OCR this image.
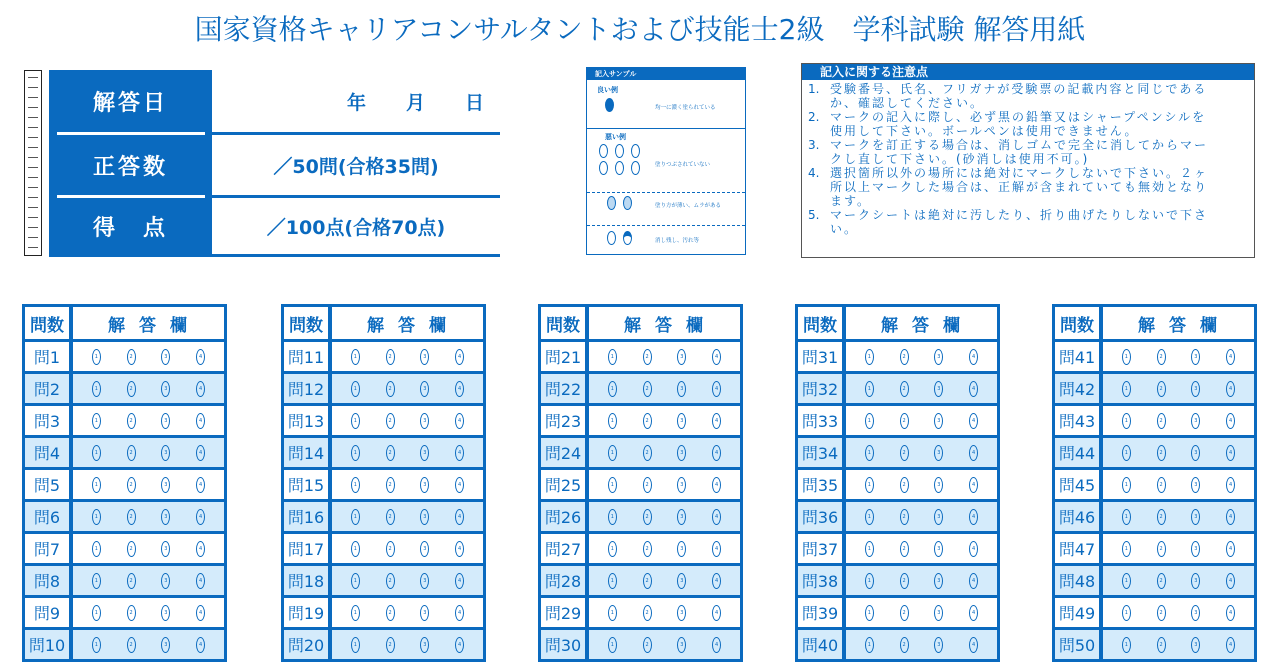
国家資格キャリアコンサルタントおよび技能士2級　学科試験 解答用紙
解答日	年 月 日
正答数	／50問(合格35問)
得　点	／100点(合格70点)
記入サンプル
良い例
均一に濃く塗られている
悪い例
塗りつぶされていない
塗り方が薄い、ムラがある
消し残し、汚れ等
記入に関する注意点
1. 受験番号、氏名、フリガナが受験票の記載内容と同じであるか、確認してください。
2. マークの記入に際し、必ず黒の鉛筆又はシャープペンシルを使用して下さい。ボールペンは使用できません。
3. マークを訂正する場合は、消しゴムで完全に消してからマークし直して下さい。(砂消しは使用不可。)
4. 選択箇所以外の場所には絶対にマークしないで下さい。２ヶ所以上マークした場合は、正解が含まれていても無効となります。
5. マークシートは絶対に汚したり、折り曲げたりしないで下さい。
問数	解答欄
問1	1	2	3	4
問2	1	2	3	4
問3	1	2	3	4
問4	1	2	3	4
問5	1	2	3	4
問6	1	2	3	4
問7	1	2	3	4
問8	1	2	3	4
問9	1	2	3	4
問10	1	2	3	4
問数	解答欄
問11	1	2	3	4
問12	1	2	3	4
問13	1	2	3	4
問14	1	2	3	4
問15	1	2	3	4
問16	1	2	3	4
問17	1	2	3	4
問18	1	2	3	4
問19	1	2	3	4
問20	1	2	3	4
問数	解答欄
問21	1	2	3	4
問22	1	2	3	4
問23	1	2	3	4
問24	1	2	3	4
問25	1	2	3	4
問26	1	2	3	4
問27	1	2	3	4
問28	1	2	3	4
問29	1	2	3	4
問30	1	2	3	4
問数	解答欄
問31	1	2	3	4
問32	1	2	3	4
問33	1	2	3	4
問34	1	2	3	4
問35	1	2	3	4
問36	1	2	3	4
問37	1	2	3	4
問38	1	2	3	4
問39	1	2	3	4
問40	1	2	3	4
問数	解答欄
問41	1	2	3	4
問42	1	2	3	4
問43	1	2	3	4
問44	1	2	3	4
問45	1	2	3	4
問46	1	2	3	4
問47	1	2	3	4
問48	1	2	3	4
問49	1	2	3	4
問50	1	2	3	4
